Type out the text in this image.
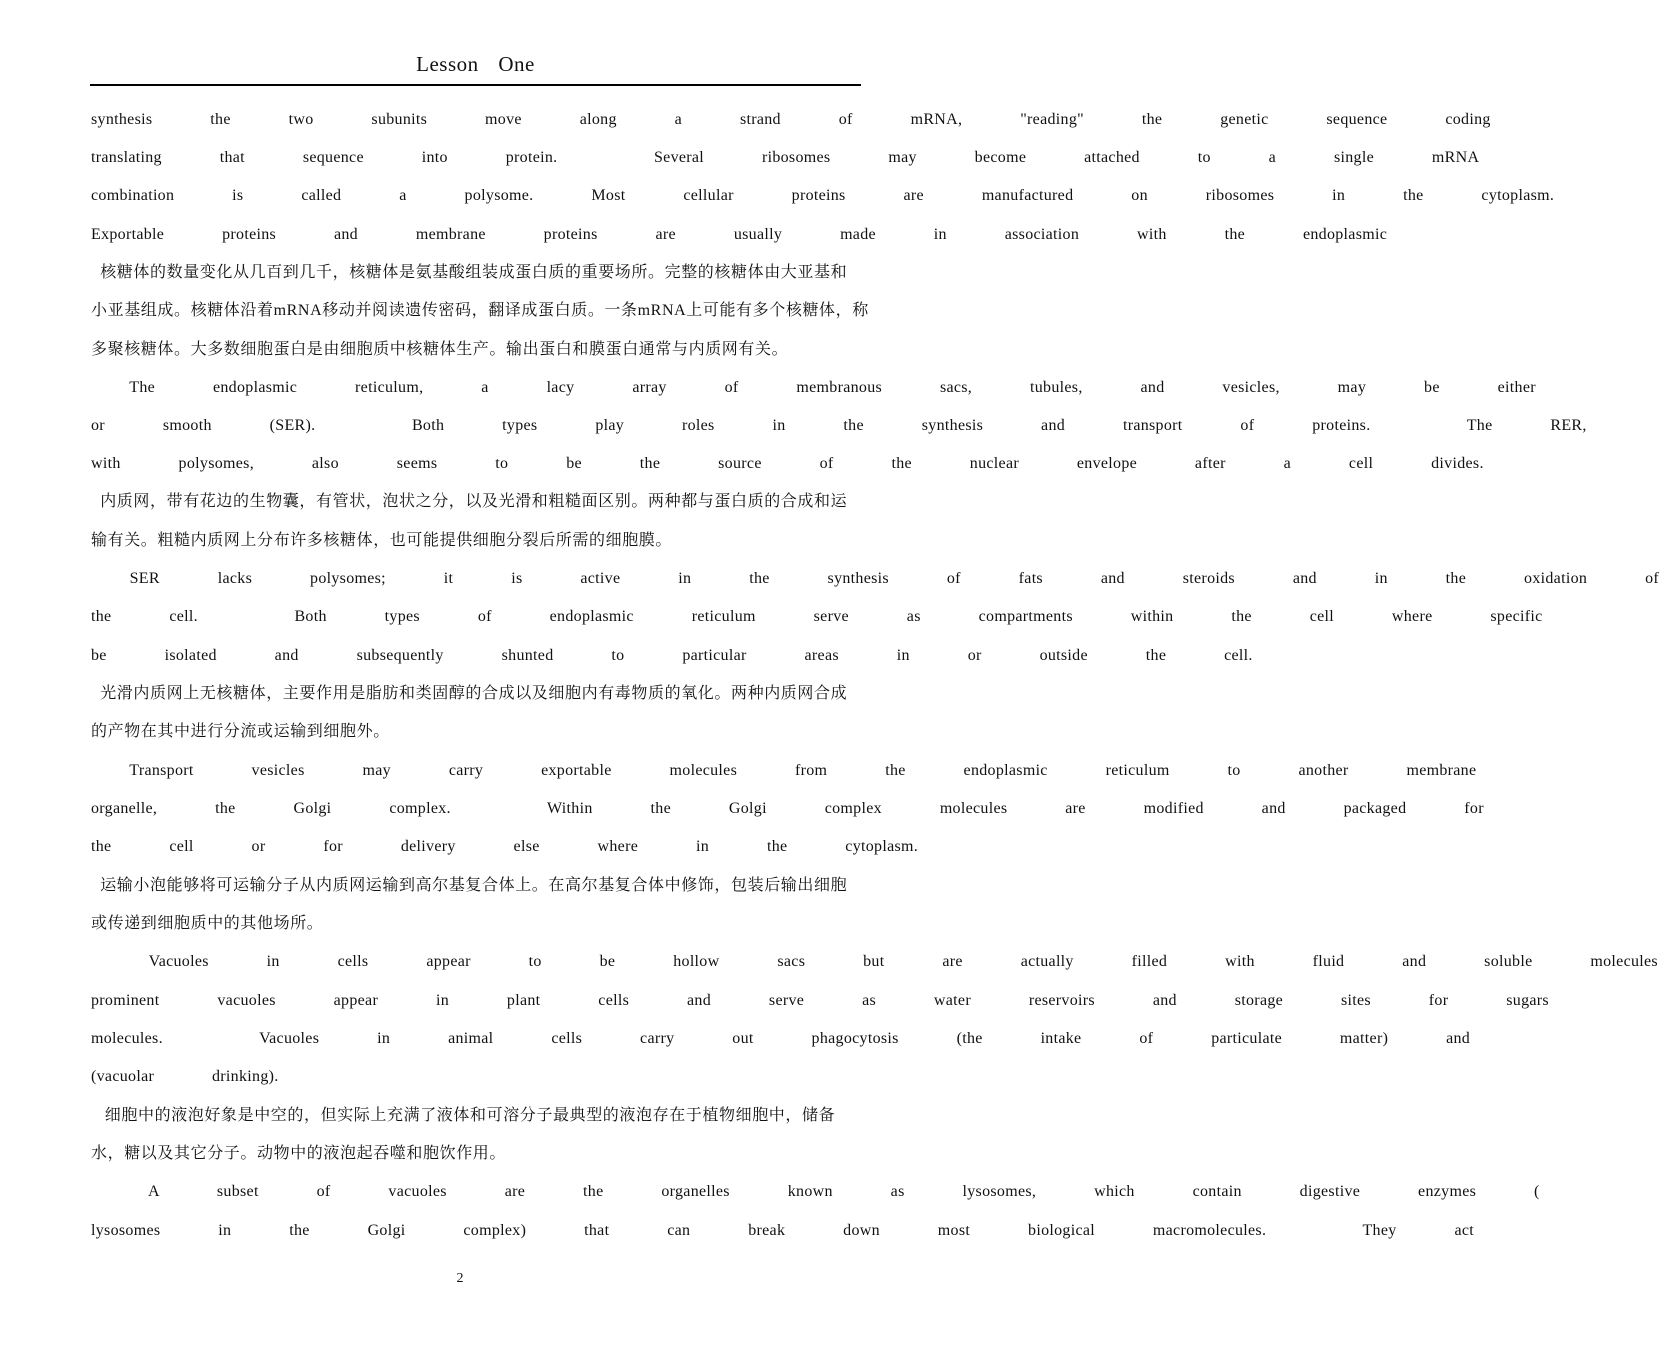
Lesson One
synthesis   the   two   subunits   move   along   a   strand   of   mRNA,   "reading"   the   genetic   sequence   coding
translating   that   sequence   into   protein.     Several   ribosomes   may   become   attached   to   a   single   mRNA
combination   is   called   a   polysome.   Most   cellular   proteins   are   manufactured   on   ribosomes   in   the   cytoplasm.
Exportable   proteins   and   membrane   proteins   are   usually   made   in   association   with   the   endoplasmic
核糖体的数量变化从几百到几千，核糖体是氨基酸组装成蛋白质的重要场所。完整的核糖体由大亚基和
小亚基组成。核糖体沿着mRNA移动并阅读遗传密码，翻译成蛋白质。一条mRNA上可能有多个核糖体，称
多聚核糖体。大多数细胞蛋白是由细胞质中核糖体生产。输出蛋白和膜蛋白通常与内质网有关。
The   endoplasmic   reticulum,   a   lacy   array   of   membranous   sacs,   tubules,   and   vesicles,   may   be   either
or   smooth   (SER).     Both   types   play   roles   in   the   synthesis   and   transport   of   proteins.     The   RER,
with   polysomes,   also   seems   to   be   the   source   of   the   nuclear   envelope   after   a   cell   divides.
内质网，带有花边的生物囊，有管状，泡状之分，以及光滑和粗糙面区别。两种都与蛋白质的合成和运
输有关。粗糙内质网上分布许多核糖体，也可能提供细胞分裂后所需的细胞膜。
SER   lacks   polysomes;   it   is   active   in   the   synthesis   of   fats   and   steroids   and   in   the   oxidation   of
the   cell.     Both   types   of   endoplasmic   reticulum   serve   as   compartments   within   the   cell   where   specific
be   isolated   and   subsequently   shunted   to   particular   areas   in   or   outside   the   cell.
光滑内质网上无核糖体，主要作用是脂肪和类固醇的合成以及细胞内有毒物质的氧化。两种内质网合成
的产物在其中进行分流或运输到细胞外。
Transport   vesicles   may   carry   exportable   molecules   from   the   endoplasmic   reticulum   to   another   membrane
organelle,   the   Golgi   complex.     Within   the   Golgi   complex   molecules   are   modified   and   packaged   for
the   cell   or   for   delivery   else   where   in   the   cytoplasm.
运输小泡能够将可运输分子从内质网运输到高尔基复合体上。在高尔基复合体中修饰，包装后输出细胞
或传递到细胞质中的其他场所。
Vacuoles   in   cells   appear   to   be   hollow   sacs   but   are   actually   filled   with   fluid   and   soluble   molecules
prominent   vacuoles   appear   in   plant   cells   and   serve   as   water   reservoirs   and   storage   sites   for   sugars
molecules.     Vacuoles   in   animal   cells   carry   out   phagocytosis   (the   intake   of   particulate   matter)   and
(vacuolar   drinking).
细胞中的液泡好象是中空的，但实际上充满了液体和可溶分子最典型的液泡存在于植物细胞中，储备
水，糖以及其它分子。动物中的液泡起吞噬和胞饮作用。
A   subset   of   vacuoles   are   the   organelles   known   as   lysosomes,   which   contain   digestive   enzymes   (
lysosomes   in   the   Golgi   complex)   that   can   break   down   most   biological   macromolecules.     They   act
2
